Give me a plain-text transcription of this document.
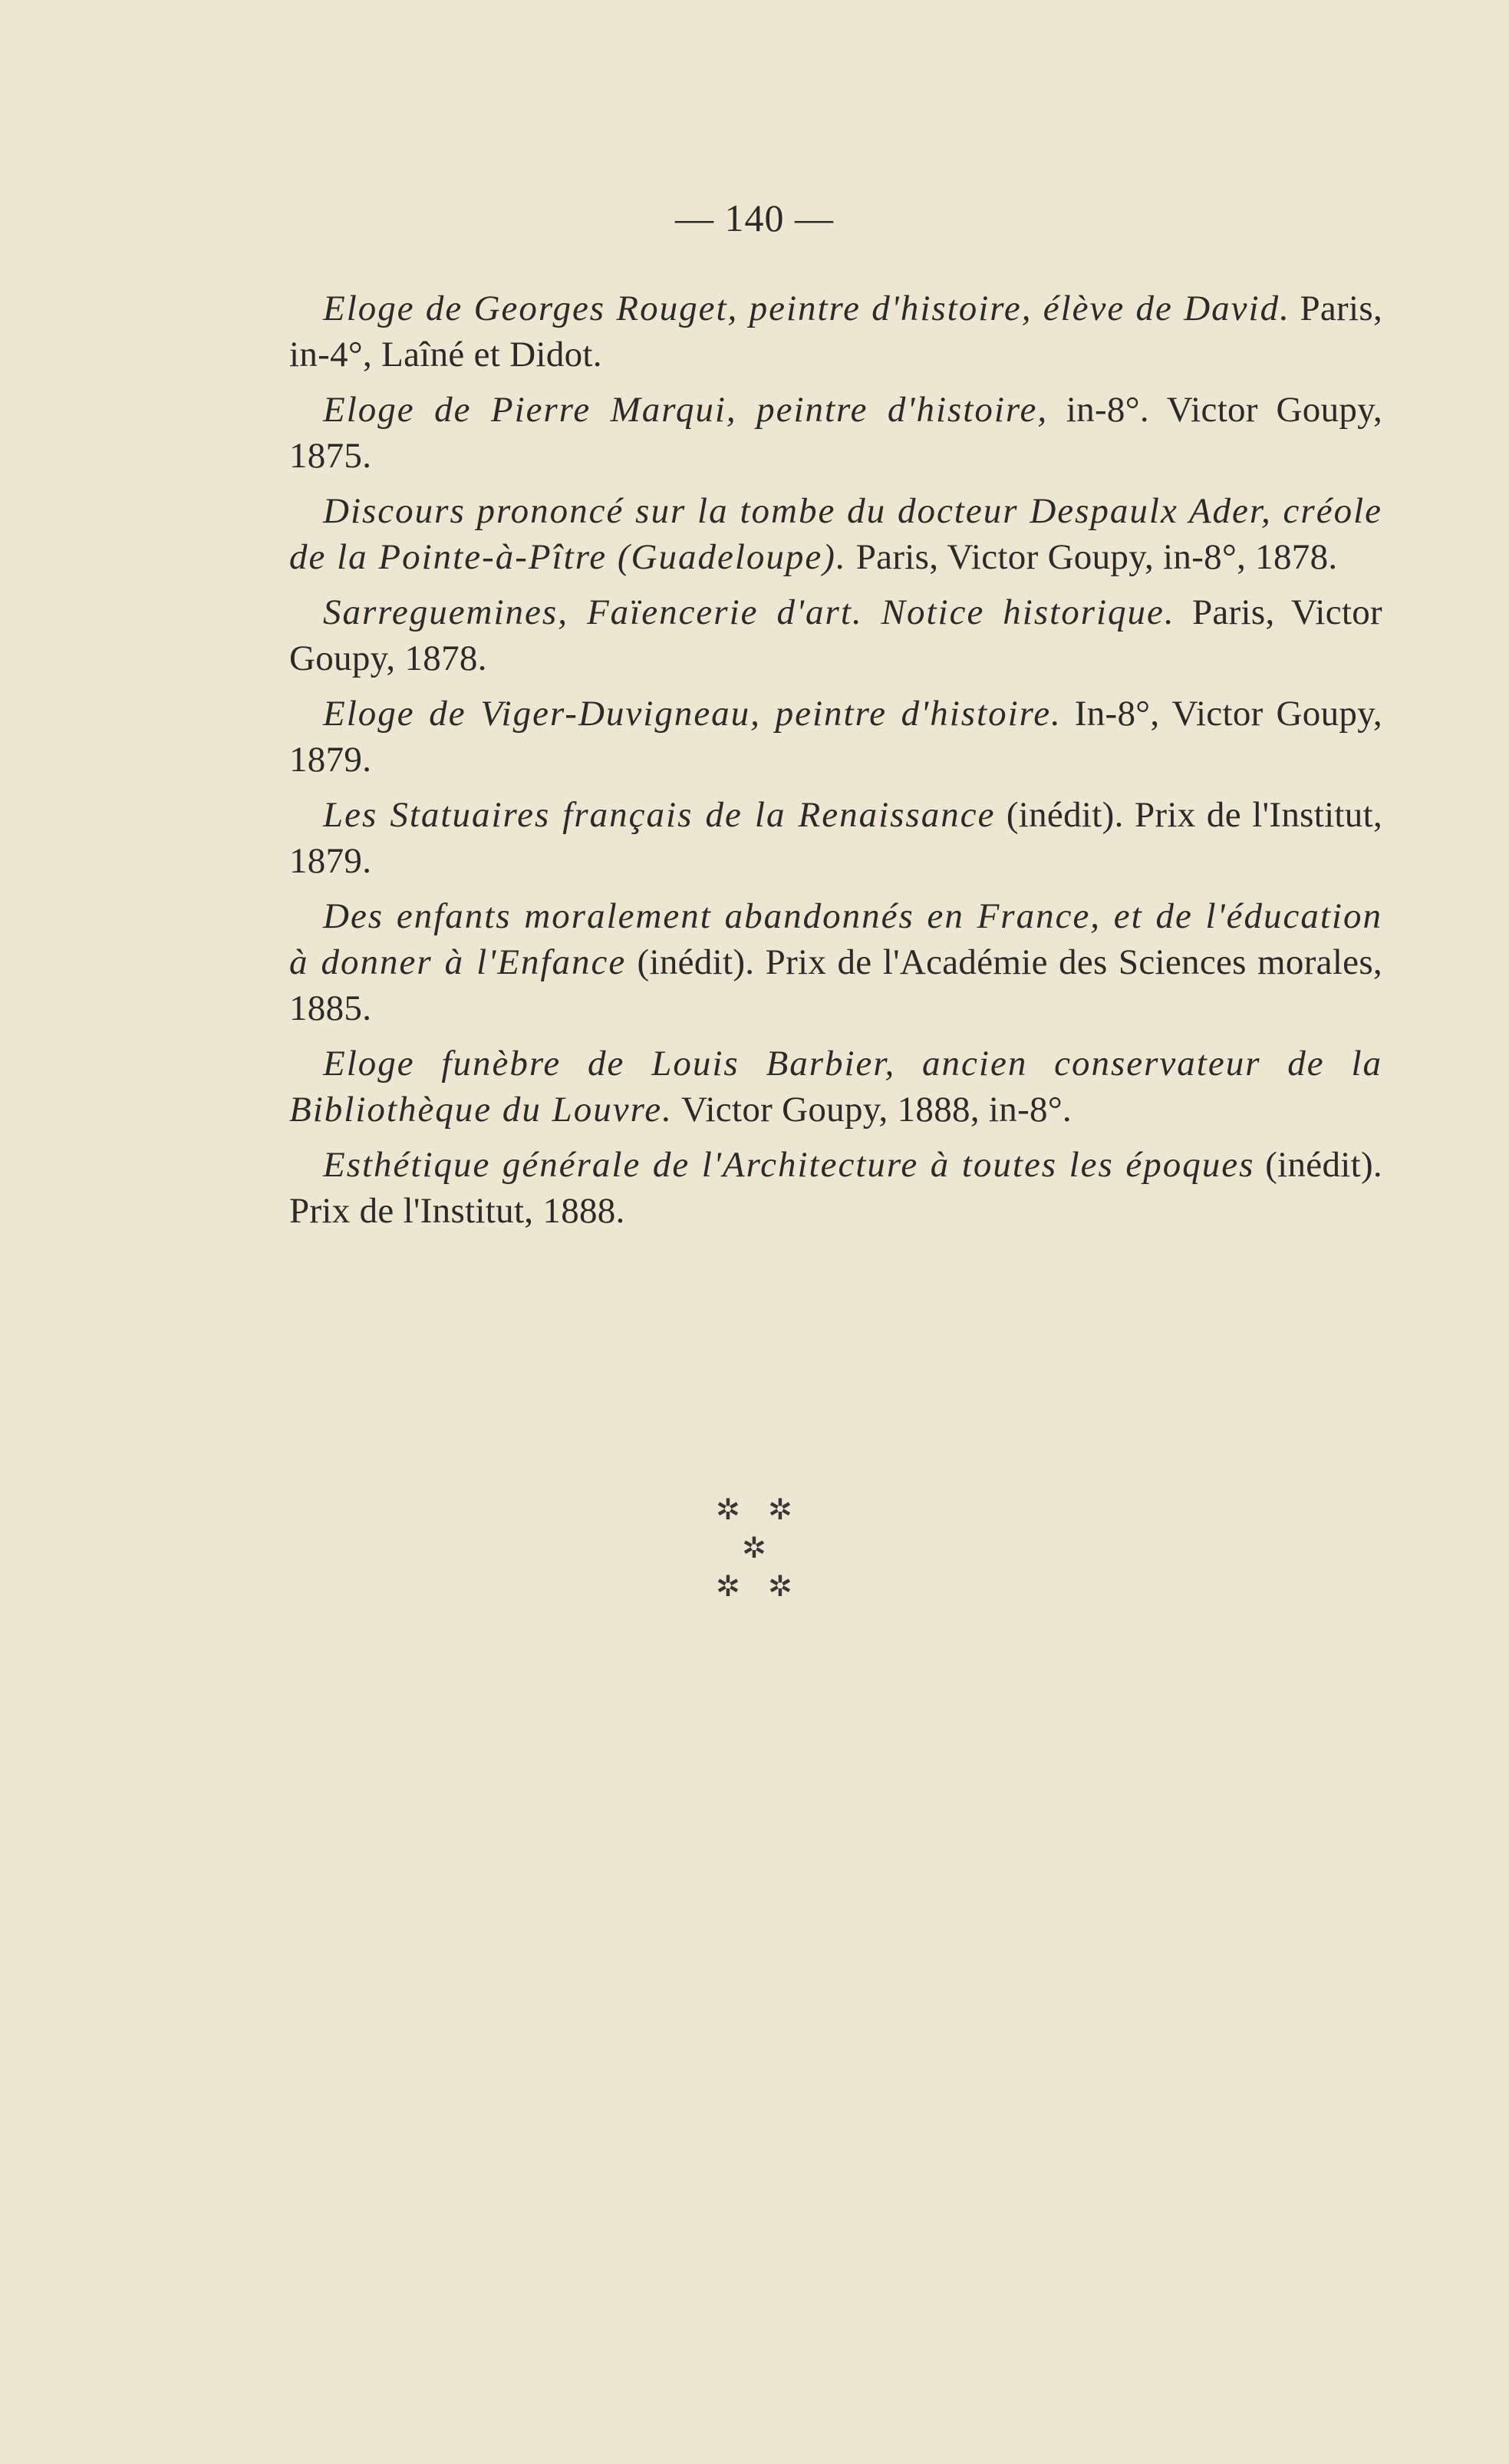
— 140 —

Eloge de Georges Rouget, peintre d'histoire, élève de David. Paris, in-4°, Laîné et Didot.

Eloge de Pierre Marqui, peintre d'histoire, in-8°. Victor Goupy, 1875.

Discours prononcé sur la tombe du docteur Despaulx Ader, créole de la Pointe-à-Pître (Guadeloupe). Paris, Victor Goupy, in-8°, 1878.

Sarreguemines, Faïencerie d'art. Notice historique. Paris, Victor Goupy, 1878.

Eloge de Viger-Duvigneau, peintre d'histoire. In-8°, Victor Goupy, 1879.

Les Statuaires français de la Renaissance (inédit). Prix de l'Institut, 1879.

Des enfants moralement abandonnés en France, et de l'éducation à donner à l'Enfance (inédit). Prix de l'Académie des Sciences morales, 1885.

Eloge funèbre de Louis Barbier, ancien conservateur de la Bibliothèque du Louvre. Victor Goupy, 1888, in-8°.

Esthétique générale de l'Architecture à toutes les époques (inédit). Prix de l'Institut, 1888.

✲ ✲
✲
✲ ✲
